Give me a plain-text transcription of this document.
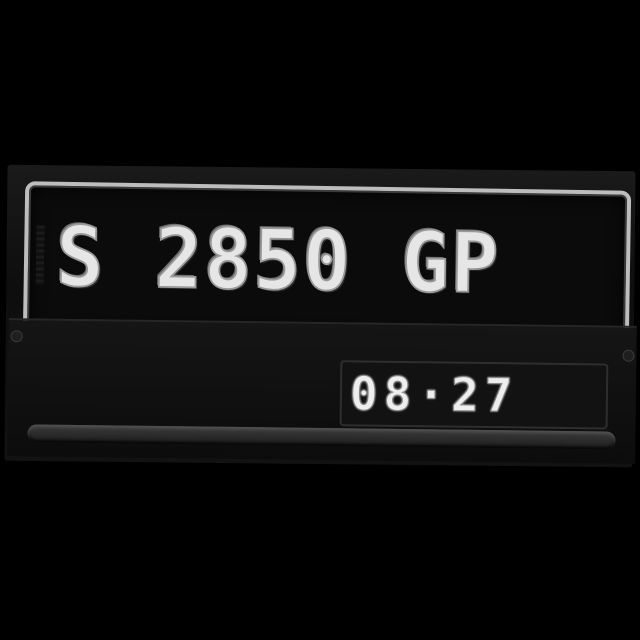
S 2850 GP
08·27
